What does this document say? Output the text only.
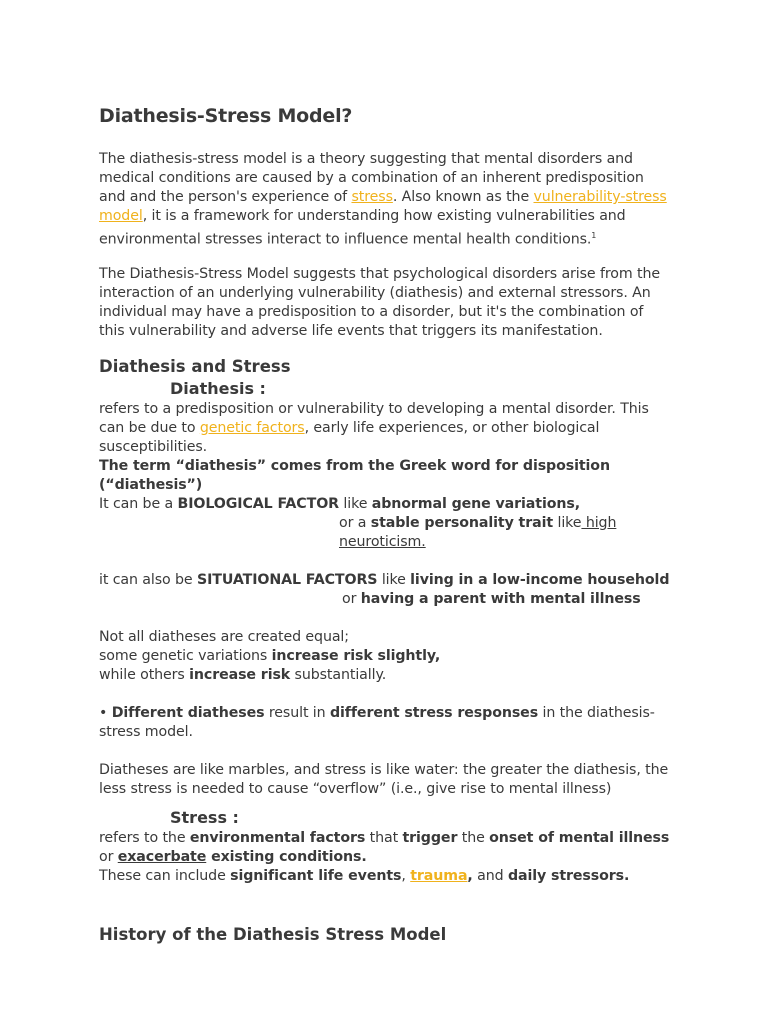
Diathesis-Stress Model?

The diathesis-stress model is a theory suggesting that mental disorders and medical conditions are caused by a combination of an inherent predisposition and and the person's experience of stress. Also known as the vulnerability-stress model, it is a framework for understanding how existing vulnerabilities and environmental stresses interact to influence mental health conditions.$^1$

The Diathesis-Stress Model suggests that psychological disorders arise from the interaction of an underlying vulnerability (diathesis) and external stressors. An individual may have a predisposition to a disorder, but it's the combination of this vulnerability and adverse life events that triggers its manifestation.

Diathesis and Stress
Diathesis :

refers to a predisposition or vulnerability to developing a mental disorder. This can be due to genetic factors, early life experiences, or other biological susceptibilities.

The term “diathesis” comes from the Greek word for disposition (“diathesis”)

It can be a BIOLOGICAL FACTOR like abnormal gene variations,

or a stable personality trait like high neuroticism.

it can also be SITUATIONAL FACTORS like living in a low-income household

or having a parent with mental illness

Not all diatheses are created equal;

some genetic variations increase risk slightly,

while others increase risk substantially.

• Different diatheses result in different stress responses in the diathesis-stress model.

Diatheses are like marbles, and stress is like water: the greater the diathesis, the less stress is needed to cause “overflow” (i.e., give rise to mental illness)

Stress :

refers to the environmental factors that trigger the onset of mental illness

or exacerbate existing conditions.

These can include significant life events, trauma, and daily stressors.

History of the Diathesis Stress Model
